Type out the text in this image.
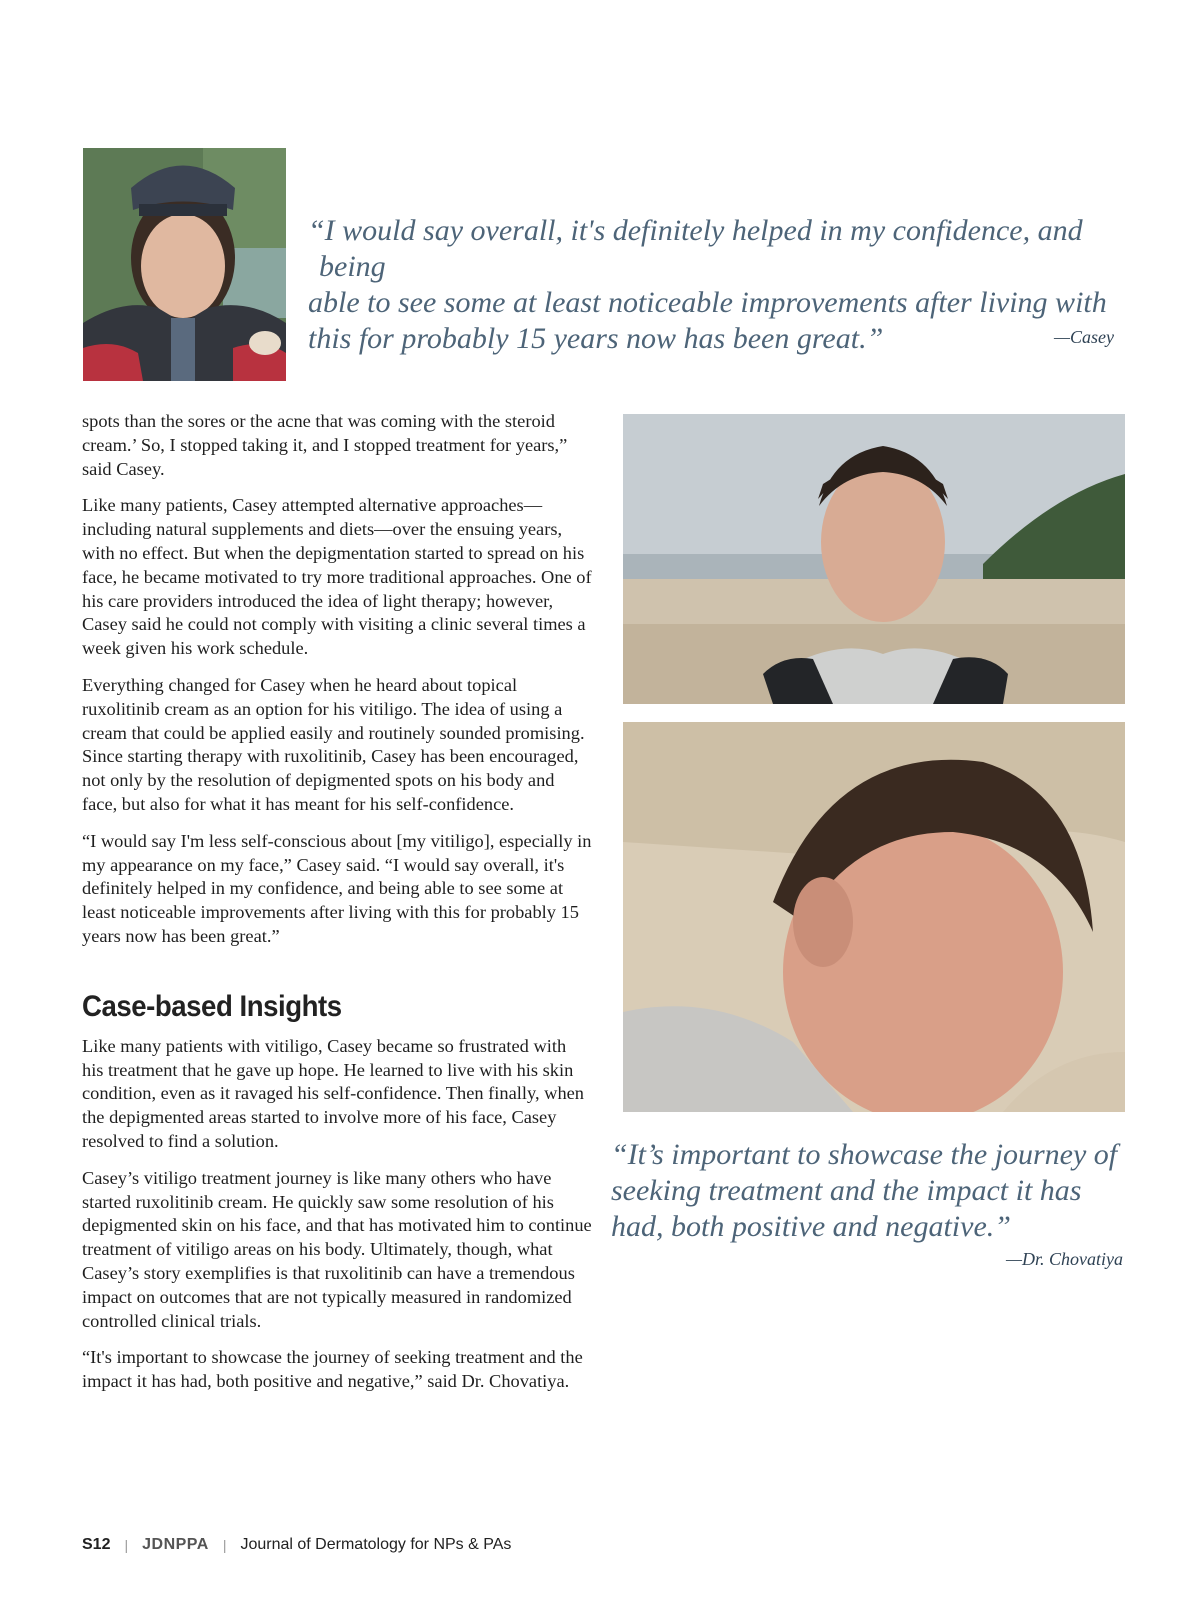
“I would say overall, it's definitely helped in my confidence, and being
able to see some at least noticeable improvements after living with
this for probably 15 years now has been great.”	—Casey

spots than the sores or the acne that was coming with the steroid cream.’ So, I stopped taking it, and I stopped treatment for years,” said Casey.

Like many patients, Casey attempted alternative approaches—including natural supplements and diets—over the ensuing years, with no effect. But when the depigmentation started to spread on his face, he became motivated to try more traditional approaches. One of his care providers introduced the idea of light therapy; however, Casey said he could not comply with visiting a clinic several times a week given his work schedule.

Everything changed for Casey when he heard about topical ruxolitinib cream as an option for his vitiligo. The idea of using a cream that could be applied easily and routinely sounded promising. Since starting therapy with ruxolitinib, Casey has been encouraged, not only by the resolution of depigmented spots on his body and face, but also for what it has meant for his self-confidence.

“I would say I'm less self-conscious about [my vitiligo], especially in my appearance on my face,” Casey said. “I would say overall, it's definitely helped in my confidence, and being able to see some at least noticeable improvements after living with this for probably 15 years now has been great.”

Case-based Insights

Like many patients with vitiligo, Casey became so frustrated with his treatment that he gave up hope. He learned to live with his skin condition, even as it ravaged his self-confidence. Then finally, when the depigmented areas started to involve more of his face, Casey resolved to find a solution.

Casey’s vitiligo treatment journey is like many others who have started ruxolitinib cream. He quickly saw some resolution of his depigmented skin on his face, and that has motivated him to continue treatment of vitiligo areas on his body. Ultimately, though, what Casey’s story exemplifies is that ruxolitinib can have a tremendous impact on outcomes that are not typically measured in randomized controlled clinical trials.

“It's important to showcase the journey of seeking treatment and the impact it has had, both positive and negative,” said Dr. Chovatiya.

“It’s important to showcase the journey of
seeking treatment and the impact it has
had, both positive and negative.”
—Dr. Chovatiya
S12 | JDNPPA | Journal of Dermatology for NPs & PAs
